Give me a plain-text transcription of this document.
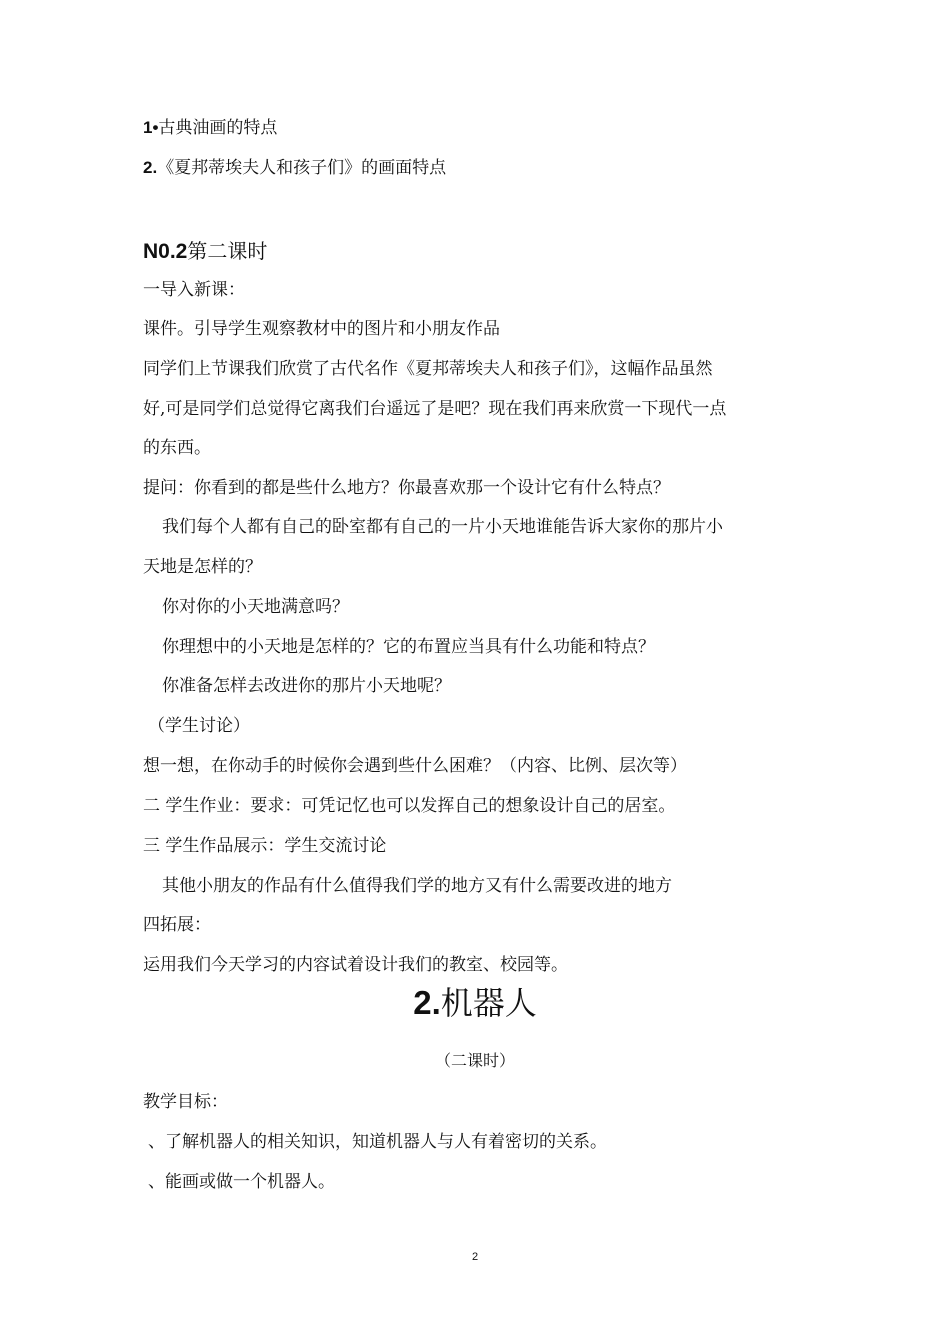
1•古典油画的特点
2.《夏邦蒂埃夫人和孩子们》的画面特点
N0.2第二课时
一导入新课：
课件。引导学生观察教材中的图片和小朋友作品
同学们上节课我们欣赏了古代名作《夏邦蒂埃夫人和孩子们》，这幅作品虽然
好,可是同学们总觉得它离我们台遥远了是吧？现在我们再来欣赏一下现代一点
的东西。
提问：你看到的都是些什么地方？你最喜欢那一个设计它有什么特点？
我们每个人都有自己的卧室都有自己的一片小天地谁能告诉大家你的那片小
天地是怎样的？
你对你的小天地满意吗？
你理想中的小天地是怎样的？它的布置应当具有什么功能和特点？
你准备怎样去改进你的那片小天地呢？
（学生讨论）
想一想，在你动手的时候你会遇到些什么困难？（内容、比例、层次等）
二 学生作业：要求：可凭记忆也可以发挥自己的想象设计自己的居室。
三 学生作品展示：学生交流讨论
其他小朋友的作品有什么值得我们学的地方又有什么需要改进的地方
四拓展：
运用我们今天学习的内容试着设计我们的教室、校园等。
2.机器人
（二课时）
教学目标：
、了解机器人的相关知识，知道机器人与人有着密切的关系。
、能画或做一个机器人。
2
